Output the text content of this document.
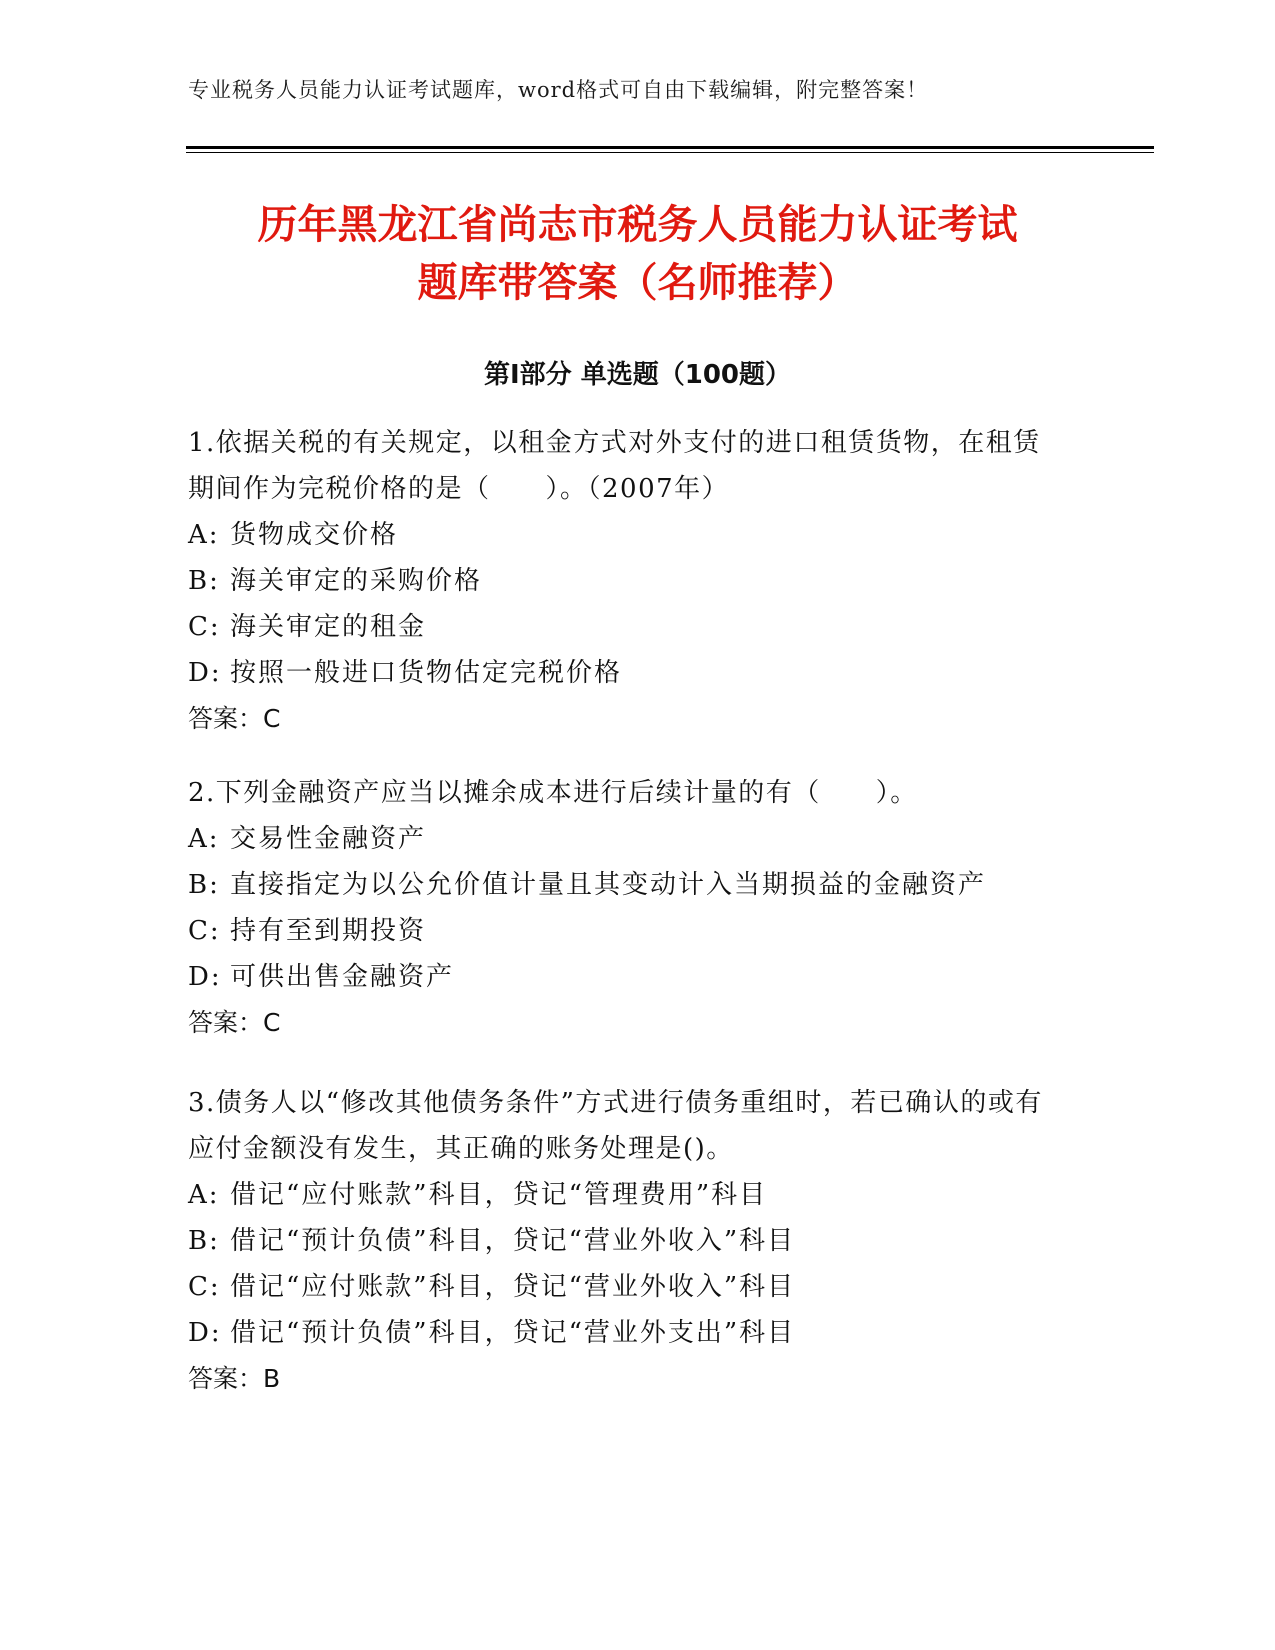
专业税务人员能力认证考试题库，word格式可自由下载编辑，附完整答案！
历年黑龙江省尚志市税务人员能力认证考试
题库带答案（名师推荐）
第Ⅰ部分 单选题（100题）

1.依据关税的有关规定，以租金方式对外支付的进口租赁货物，在租赁期间作为完税价格的是（　　）。（2007年）

A: 货物成交价格

B: 海关审定的采购价格

C: 海关审定的租金

D: 按照一般进口货物估定完税价格

答案：C

2.下列金融资产应当以摊余成本进行后续计量的有（　　）。

A: 交易性金融资产

B: 直接指定为以公允价值计量且其变动计入当期损益的金融资产

C: 持有至到期投资

D: 可供出售金融资产

答案：C

3.债务人以“修改其他债务条件”方式进行债务重组时，若已确认的或有应付金额没有发生，其正确的账务处理是()。

A: 借记“应付账款”科目，贷记“管理费用”科目

B: 借记“预计负债”科目，贷记“营业外收入”科目

C: 借记“应付账款”科目，贷记“营业外收入”科目

D: 借记“预计负债”科目，贷记“营业外支出”科目

答案：B
